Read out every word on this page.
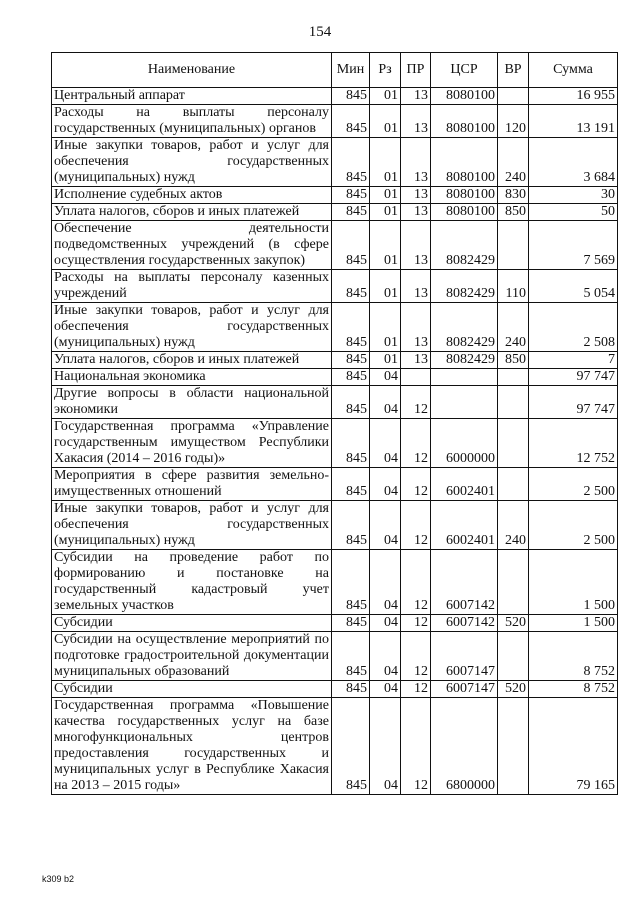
154
Наименование	Мин	Рз	ПР	ЦСР	ВР	Сумма
Центральный аппарат	845	01	13	8080100		16 955
Расходы на выплаты персоналу государственных (муниципальных) органов	845	01	13	8080100	120	13 191
Иные закупки товаров, работ и услуг для обеспечения государственных (муниципальных) нужд	845	01	13	8080100	240	3 684
Исполнение судебных актов	845	01	13	8080100	830	30
Уплата налогов, сборов и иных платежей	845	01	13	8080100	850	50
Обеспечение деятельности подведомственных учреждений (в сфере осуществления государственных закупок)	845	01	13	8082429		7 569
Расходы на выплаты персоналу казенных учреждений	845	01	13	8082429	110	5 054
Иные закупки товаров, работ и услуг для обеспечения государственных (муниципальных) нужд	845	01	13	8082429	240	2 508
Уплата налогов, сборов и иных платежей	845	01	13	8082429	850	7
Национальная экономика	845	04				97 747
Другие вопросы в области национальной экономики	845	04	12			97 747
Государственная программа «Управление государственным имуществом Республики Хакасия (2014 – 2016 годы)»	845	04	12	6000000		12 752
Мероприятия в сфере развития земельно-имущественных отношений	845	04	12	6002401		2 500
Иные закупки товаров, работ и услуг для обеспечения государственных (муниципальных) нужд	845	04	12	6002401	240	2 500
Субсидии на проведение работ по формированию и постановке на государственный кадастровый учет земельных участков	845	04	12	6007142		1 500
Субсидии	845	04	12	6007142	520	1 500
Субсидии на осуществление мероприятий по подготовке градостроительной документации муниципальных образований	845	04	12	6007147		8 752
Субсидии	845	04	12	6007147	520	8 752
Государственная программа «Повышение качества государственных услуг на базе многофункциональных центров предоставления государственных и муниципальных услуг в Республике Хакасия на 2013 – 2015 годы»	845	04	12	6800000		79 165
k309 b2
